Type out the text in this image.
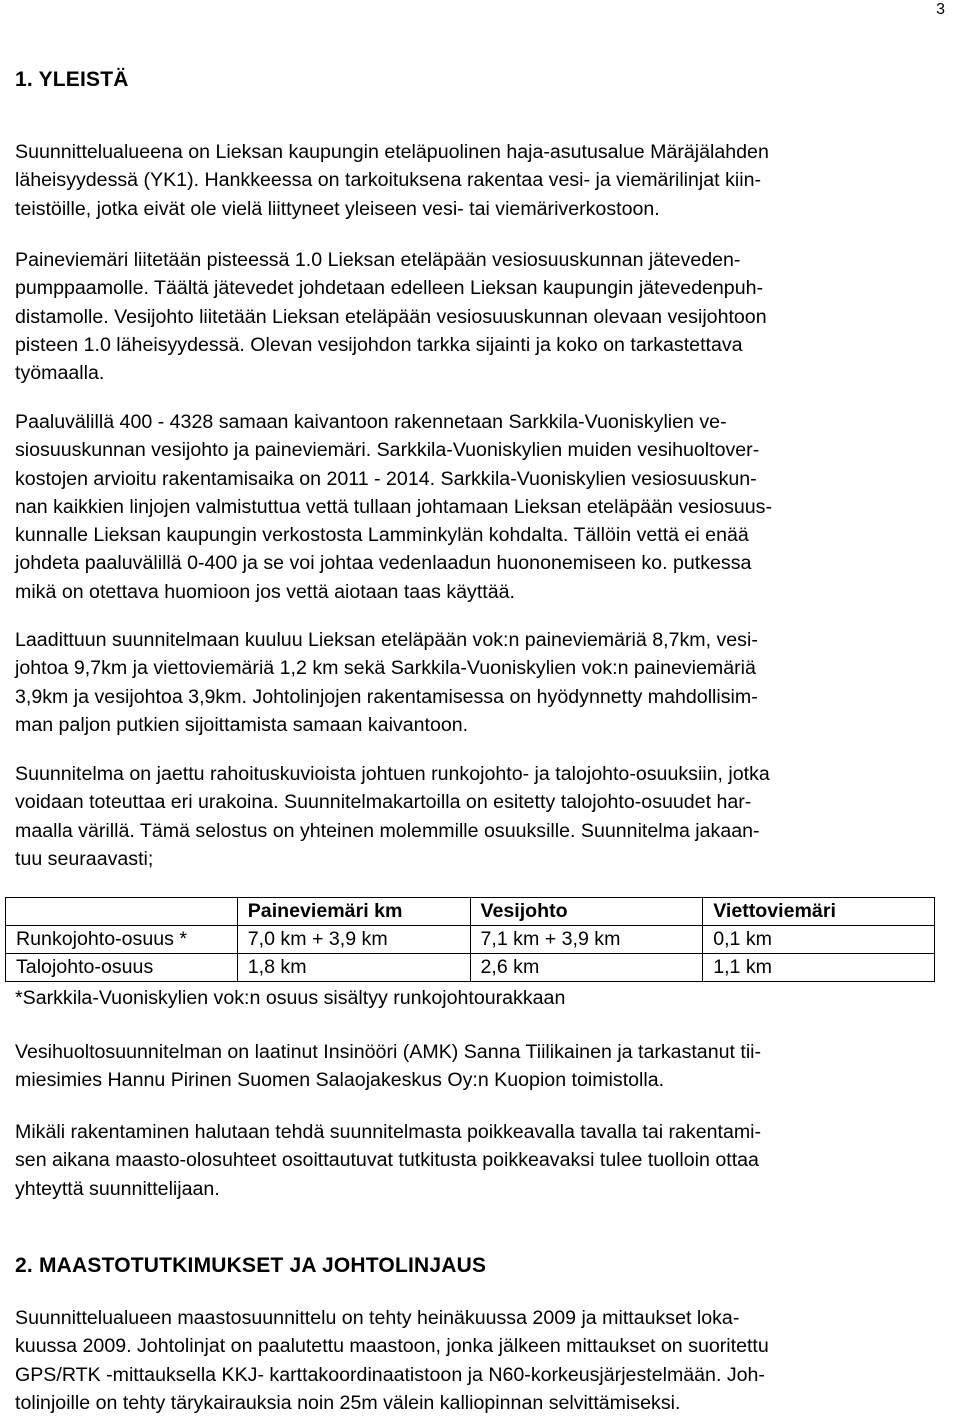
3
1. YLEISTÄ

Suunnittelualueena on Lieksan kaupungin eteläpuolinen haja-asutusalue Märäjälahden
läheisyydessä (YK1). Hankkeessa on tarkoituksena rakentaa vesi- ja viemärilinjat kiin-
teistöille, jotka eivät ole vielä liittyneet yleiseen vesi- tai viemäriverkostoon.

Paineviemäri liitetään pisteessä 1.0 Lieksan eteläpään vesiosuuskunnan jäteveden-
pumppaamolle. Täältä jätevedet johdetaan edelleen Lieksan kaupungin jätevedenpuh-
distamolle. Vesijohto liitetään Lieksan eteläpään vesiosuuskunnan olevaan vesijohtoon
pisteen 1.0 läheisyydessä. Olevan vesijohdon tarkka sijainti ja koko on tarkastettava
työmaalla.

Paaluvälillä 400 - 4328 samaan kaivantoon rakennetaan Sarkkila-Vuoniskylien ve-
siosuuskunnan vesijohto ja paineviemäri. Sarkkila-Vuoniskylien muiden vesihuoltover-
kostojen arvioitu rakentamisaika on 2011 - 2014. Sarkkila-Vuoniskylien vesiosuuskun-
nan kaikkien linjojen valmistuttua vettä tullaan johtamaan Lieksan eteläpään vesiosuus-
kunnalle Lieksan kaupungin verkostosta Lamminkylän kohdalta. Tällöin vettä ei enää
johdeta paaluvälillä 0-400 ja se voi johtaa vedenlaadun huononemiseen ko. putkessa
mikä on otettava huomioon jos vettä aiotaan taas käyttää.

Laadittuun suunnitelmaan kuuluu Lieksan eteläpään vok:n paineviemäriä 8,7km, vesi-
johtoa 9,7km ja viettoviemäriä 1,2 km sekä Sarkkila-Vuoniskylien vok:n paineviemäriä
3,9km ja vesijohtoa 3,9km. Johtolinjojen rakentamisessa on hyödynnetty mahdollisim-
man paljon putkien sijoittamista samaan kaivantoon.

Suunnitelma on jaettu rahoituskuvioista johtuen runkojohto- ja talojohto-osuuksiin, jotka
voidaan toteuttaa eri urakoina. Suunnitelmakartoilla on esitetty talojohto-osuudet har-
maalla värillä. Tämä selostus on yhteinen molemmille osuuksille. Suunnitelma jakaan-
tuu seuraavasti;

	Paineviemäri km	Vesijohto	Viettoviemäri
Runkojohto-osuus *	7,0 km + 3,9 km	7,1 km + 3,9 km	0,1 km
Talojohto-osuus	1,8 km	2,6 km	1,1 km
*Sarkkila-Vuoniskylien vok:n osuus sisältyy runkojohtourakkaan

Vesihuoltosuunnitelman on laatinut Insinööri (AMK) Sanna Tiilikainen ja tarkastanut tii-
miesimies Hannu Pirinen Suomen Salaojakeskus Oy:n Kuopion toimistolla.

Mikäli rakentaminen halutaan tehdä suunnitelmasta poikkeavalla tavalla tai rakentami-
sen aikana maasto-olosuhteet osoittautuvat tutkitusta poikkeavaksi tulee tuolloin ottaa
yhteyttä suunnittelijaan.

2. MAASTOTUTKIMUKSET JA JOHTOLINJAUS

Suunnittelualueen maastosuunnittelu on tehty heinäkuussa 2009 ja mittaukset loka-
kuussa 2009. Johtolinjat on paalutettu maastoon, jonka jälkeen mittaukset on suoritettu
GPS/RTK -mittauksella KKJ- karttakoordinaatistoon ja N60-korkeusjärjestelmään. Joh-
tolinjoille on tehty tärykairauksia noin 25m välein kalliopinnan selvittämiseksi.
